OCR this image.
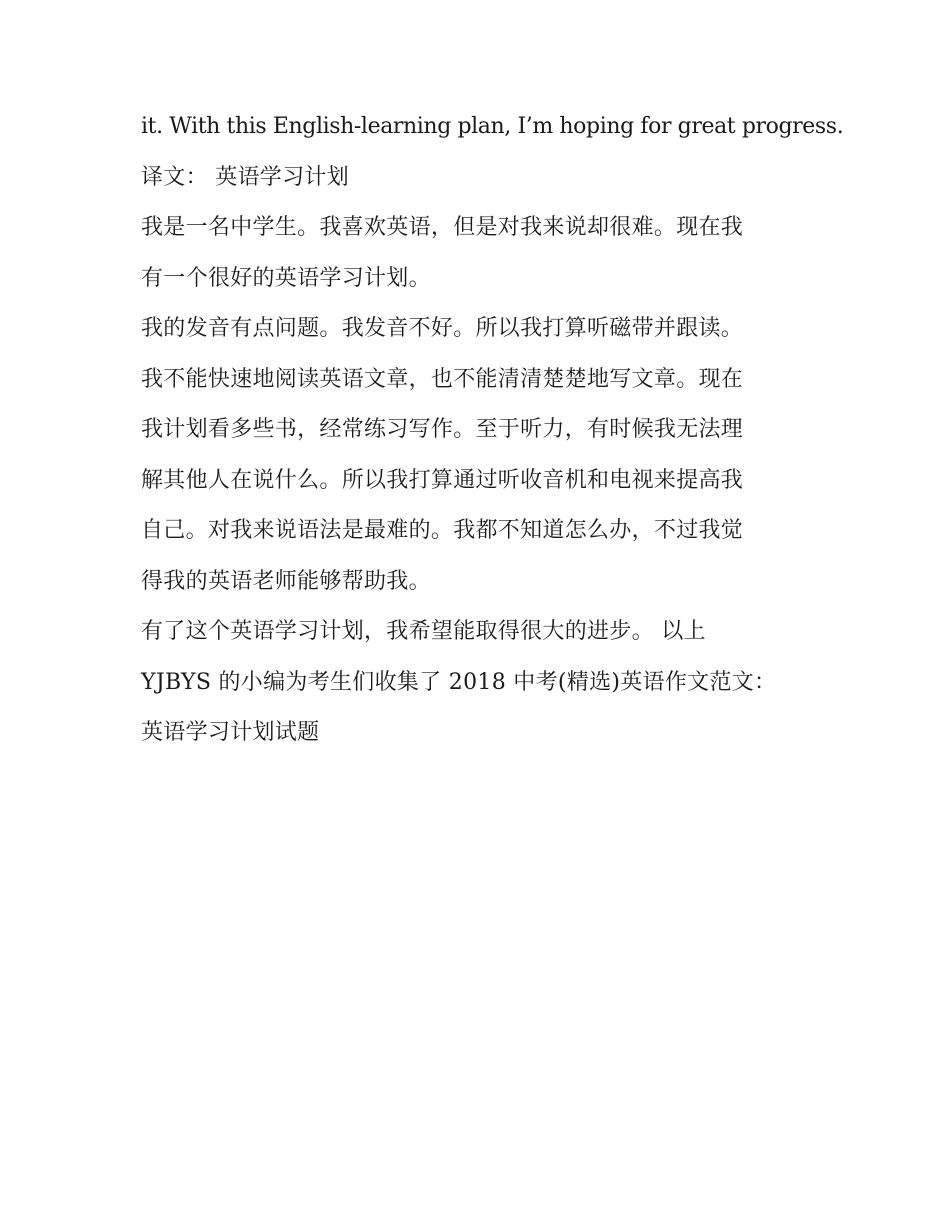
it. With this English-learning plan, I’m hoping for great progress.
译文： 英语学习计划
我是一名中学生。我喜欢英语，但是对我来说却很难。现在我
有一个很好的英语学习计划。
我的发音有点问题。我发音不好。所以我打算听磁带并跟读。
我不能快速地阅读英语文章，也不能清清楚楚地写文章。现在
我计划看多些书，经常练习写作。至于听力，有时候我无法理
解其他人在说什么。所以我打算通过听收音机和电视来提高我
自己。对我来说语法是最难的。我都不知道怎么办，不过我觉
得我的英语老师能够帮助我。
有了这个英语学习计划，我希望能取得很大的进步。 以上
YJBYS 的小编为考生们收集了 2018 中考(精选)英语作文范文：
英语学习计划试题
